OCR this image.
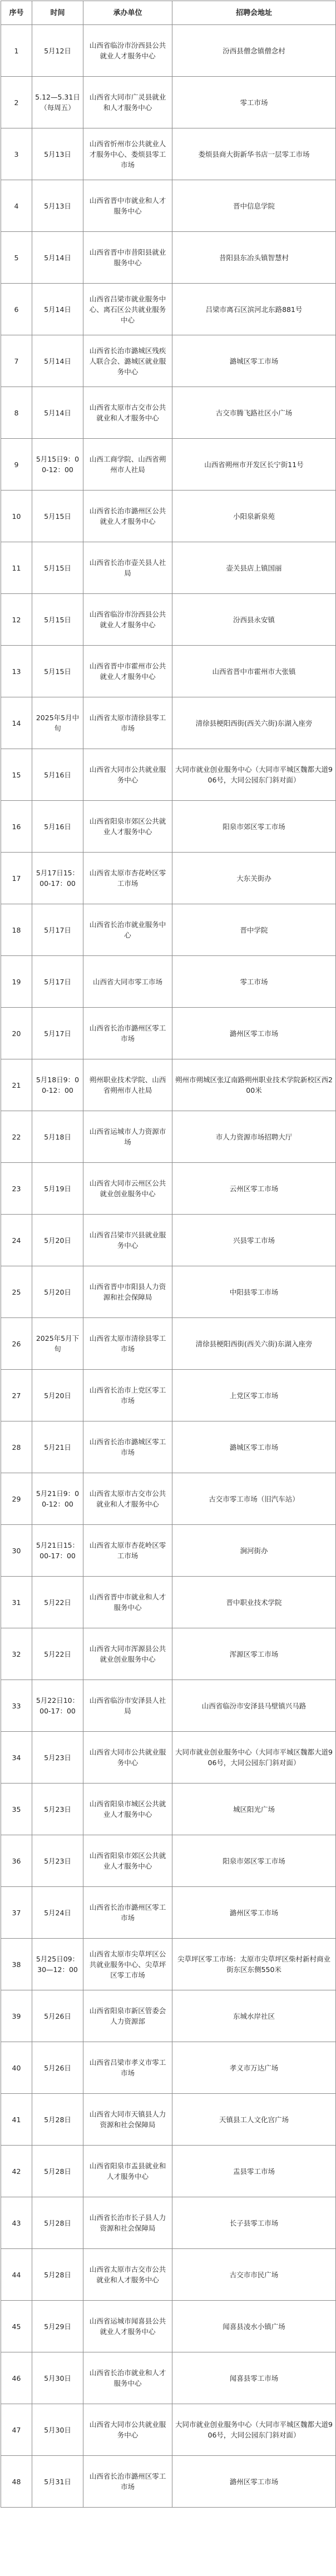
序号	时间	承办单位	招聘会地址
1	5月12日	山西省临汾市汾西县公共就业人才服务中心	汾西县僧念镇僧念村
2	5.12—5.31日（每周五）	山西省大同市广灵县就业和人才服务中心	零工市场
3	5月13日	山西省忻州市公共就业人才服务中心、娄烦县零工市场	娄烦县商大街新华书店一层零工市场
4	5月13日	山西省晋中市就业和人才服务中心	晋中信息学院
5	5月14日	山西省晋中市昔阳县就业服务中心	昔阳县东冶头镇智慧村
6	5月14日	山西省吕梁市就业服务中心、离石区公共就业服务中心	吕梁市离石区滨河北东路881号
7	5月14日	山西省长治市潞城区残疾人联合会、潞城区就业服务中心	潞城区零工市场
8	5月14日	山西省太原市古交市公共就业和人才服务中心	古交市腾飞路社区小广场
9	5月15日9：00-12：00	山西工商学院、山西省朔州市人社局	山西省朔州市开发区长宁街11号
10	5月15日	山西省长治市潞州区公共就业人才服务中心	小阳泉新泉苑
11	5月15日	山西省长治市壶关县人社局	壶关县店上镇国丽
12	5月15日	山西省临汾市汾西县公共就业人才服务中心	汾西县永安镇
13	5月15日	山西省晋中市霍州市公共就业人才服务中心	山西省晋中市霍州市大张镇
14	2025年5月中旬	山西省太原市清徐县零工市场	清徐县梗阳西街(西关六街)东湖入座旁
15	5月16日	山西省大同市公共就业服务中心	大同市就业创业服务中心（大同市平城区魏都大道906号，大同公园东门斜对面）
16	5月16日	山西省阳泉市郊区公共就业人才服务中心	阳泉市郊区零工市场
17	5月17日15：00-17：00	山西省太原市杏花岭区零工市场	大东关街办
18	5月17日	山西省长治市就业服务中心	晋中学院
19	5月17日	山西省大同市零工市场	零工市场
20	5月17日	山西省长治市潞州区零工市场	潞州区零工市场
21	5月18日9：00-12：00	朔州职业技术学院、山西省朔州市人社局	朔州市朔城区张辽南路朔州职业技术学院新校区西200米
22	5月18日	山西省运城市人力资源市场	市人力资源市场招聘大厅
23	5月19日	山西省大同市云州区公共就业创业服务中心	云州区零工市场
24	5月20日	山西省吕梁市兴县就业服务中心	兴县零工市场
25	5月20日	山西省晋中市阳县人力资源和社会保障局	中阳县零工市场
26	2025年5月下旬	山西省太原市清徐县零工市场	清徐县梗阳西街(西关六街)东湖入座旁
27	5月20日	山西省长治市上党区零工市场	上党区零工市场
28	5月21日	山西省长治市潞城区零工市场	潞城区零工市场
29	5月21日9：00-12：00	山西省太原市古交市公共就业和人才服务中心	古交市零工市场（旧汽车站）
30	5月21日15：00-17：00	山西省太原市杏花岭区零工市场	涧河街办
31	5月22日	山西省晋中市就业和人才服务中心	晋中职业技术学院
32	5月22日	山西省大同市浑源县公共就业创业服务中心	浑源区零工市场
33	5月22日10：00-17：00	山西省临汾市安泽县人社局	山西省临汾市安泽县马壁镇兴马路
34	5月23日	山西省大同市公共就业服务中心	大同市就业创业服务中心（大同市平城区魏都大道906号，大同公园东门斜对面）
35	5月23日	山西省阳泉市城区公共就业人才服务中心	城区阳光广场
36	5月23日	山西省阳泉市郊区公共就业人才服务中心	阳泉市郊区零工市场
37	5月24日	山西省长治市潞州区零工市场	潞州区零工市场
38	5月25日09：30—12：00	山西省太原市尖草坪区公共就业服务中心、尖草坪区零工市场	尖草坪区零工市场：太原市尖草坪区柴村新村商业街东区东侧550米
39	5月26日	山西省阳泉市新区管委会人力资源部	东城水岸社区
40	5月26日	山西省吕梁市孝义市零工市场	孝义市万达广场
41	5月28日	山西省大同市天镇县人力资源和社会保障局	天镇县工人文化宫广场
42	5月28日	山西省阳泉市盂县就业和人才服务中心	盂县零工市场
43	5月28日	山西省长治市长子县人力资源和社会保障局	长子县零工市场
44	5月28日	山西省太原市古交市公共就业和人才服务中心	古交市市民广场
45	5月29日	山西省运城市闻喜县公共就业人才服务中心	闻喜县凌水小镇广场
46	5月30日	山西省长治市就业和人才服务中心	闻喜县零工市场
47	5月30日	山西省大同市公共就业服务中心	大同市就业创业服务中心（大同市平城区魏都大道906号，大同公园东门斜对面）
48	5月31日	山西省长治市潞州区零工市场	潞州区零工市场
